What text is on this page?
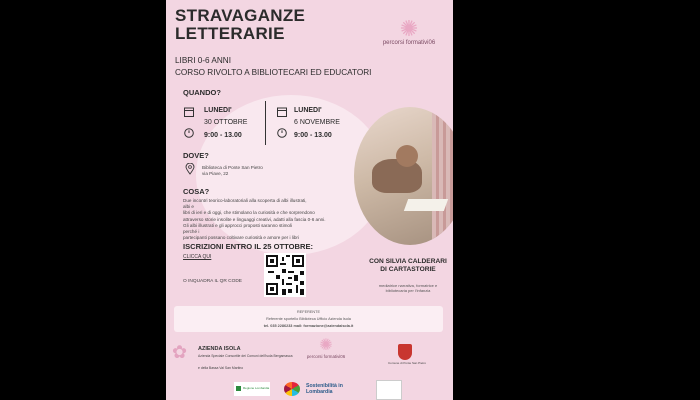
STRAVAGANZE
LETTERARIE
LIBRI 0-6 ANNI
CORSO RIVOLTO A BIBLIOTECARI ED EDUCATORI
✺
percorsi formativi06
QUANDO?
LUNEDI'
30 OTTOBRE
9:00 - 13.00
LUNEDI'
6 NOVEMBRE
9:00 - 13.00
DOVE?
Biblioteca di Ponte San Pietro
via Piave, 22
COSA?
Due incontri teorico-laboratoriali alla scoperta di albi illustrati,
albi e
libri di ieri e di oggi, che stimolano la curiosità e che sorprendono
attraverso storie insolite e linguaggi creativi, adatti alla fascia 0-6 anni.
Gli albi illustrati e gli approcci proposti saranno stimoli
perché i
partecipanti possano coltivare curiosità e amore per i libri
ISCRIZIONI ENTRO IL 25 OTTOBRE:
CLICCA QUI
O INQUADRA IL QR CODE
CON SILVIA CALDERARI
DI CARTASTORIE
mediatrice narrativa, formatrice e
bibliotecaria per l'infanzia
REFERENTE
Referente sportello Biblioteca Ufficio Azienda Isola
tel. 035 2286233 mail: formazione@aziendaisola.it
✿ AZIENDA ISOLA
Azienda Speciale Consortile dei Comuni dell'Isola Bergamasca
e della Bassa Val San Martino
✺
percorsi formativi06
Comune di Ponte San Pietro
Regione Lombardia	Sostenibilità in Lombardia
